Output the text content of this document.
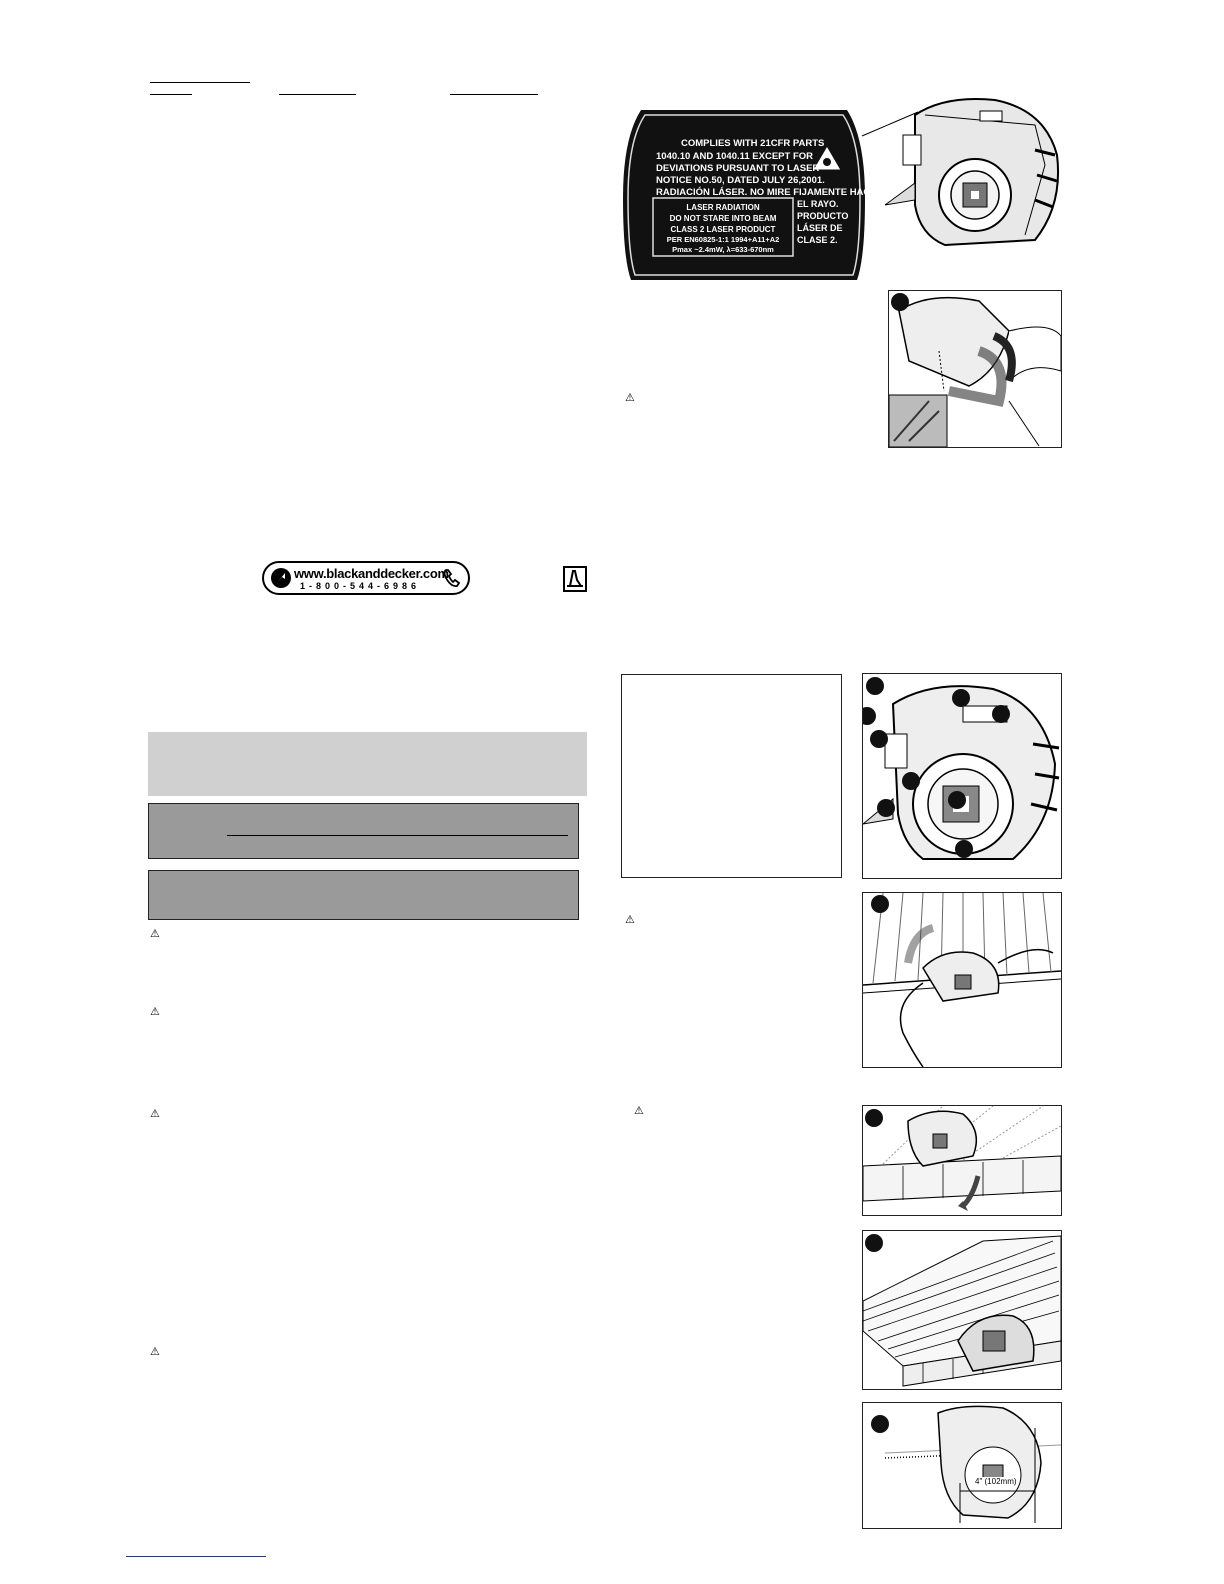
www.blackanddecker.com
1-800-544-6986
⚠
⚠
⚠
⚠
⚠
⚠
⚠
COMPLIES WITH 21CFR PARTS
1040.10 AND 1040.11 EXCEPT FOR
DEVIATIONS PURSUANT TO LASER
NOTICE NO.50, DATED JULY 26,2001.
RADIACIÓN LÁSER. NO MIRE FIJAMENTE HACIA
LASER RADIATION
DO NOT STARE INTO BEAM
CLASS 2 LASER PRODUCT
PER EN60825-1:1 1994+A11+A2
Pmax ~2.4mW, λ=633-670nm
EL RAYO.
PRODUCTO
LÁSER DE
CLASE 2.
4" (102mm)
